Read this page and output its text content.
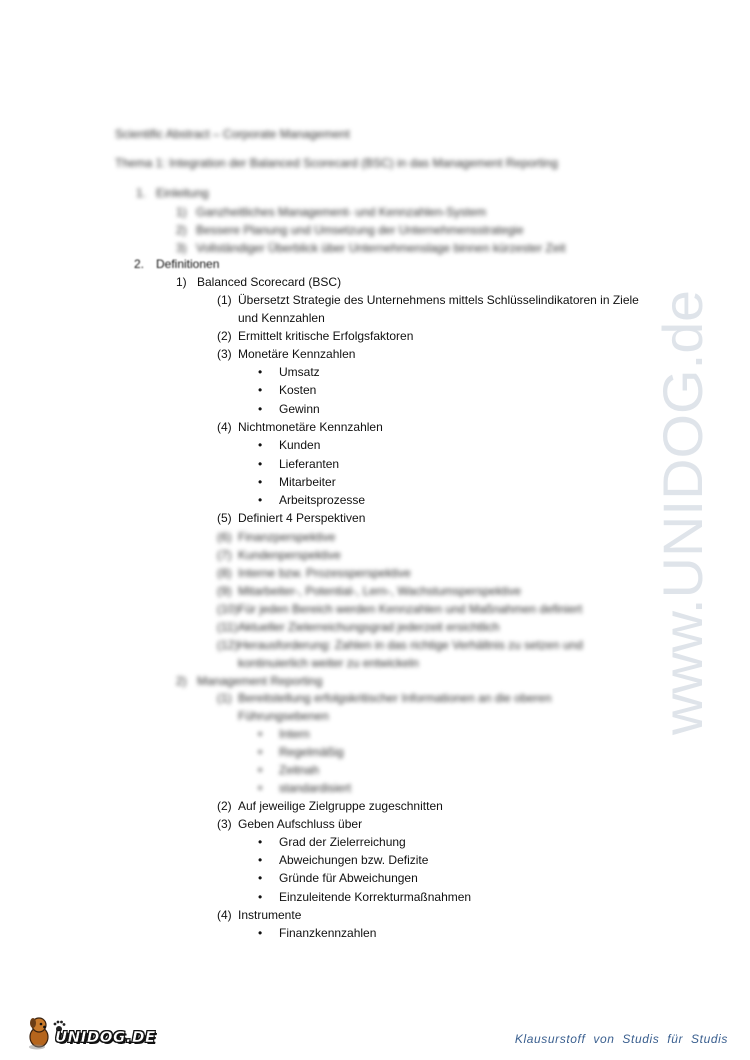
Scientific Abstract – Corporate Management
Thema 1: Integration der Balanced Scorecard (BSC) in das Management Reporting
1. Einleitung
1) Ganzheitliches Management- und Kennzahlen-System
2) Bessere Planung und Umsetzung der Unternehmensstrategie
3) Vollständiger Überblick über Unternehmenslage binnen kürzester Zeit
2. Definitionen
1) Balanced Scorecard (BSC)
(1) Übersetzt Strategie des Unternehmens mittels Schlüsselindikatoren in Ziele
und Kennzahlen
(2) Ermittelt kritische Erfolgsfaktoren
(3) Monetäre Kennzahlen
• Umsatz
• Kosten
• Gewinn
(4) Nichtmonetäre Kennzahlen
• Kunden
• Lieferanten
• Mitarbeiter
• Arbeitsprozesse
(5) Definiert 4 Perspektiven
(6) Finanzperspektive
(7) Kundenperspektive
(8) Interne bzw. Prozessperspektive
(9) Mitarbeiter-, Potential-, Lern-, Wachstumsperspektive
(10)Für jeden Bereich werden Kennzahlen und Maßnahmen definiert
(11)Aktueller Zielerreichungsgrad jederzeit ersichtlich
(12)Herausforderung: Zahlen in das richtige Verhältnis zu setzen und
kontinuierlich weiter zu entwickeln
2) Management Reporting
(1) Bereitstellung erfolgskritischer Informationen an die oberen
Führungsebenen
• Intern
• Regelmäßig
• Zeitnah
• standardisiert
(2) Auf jeweilige Zielgruppe zugeschnitten
(3) Geben Aufschluss über
• Grad der Zielerreichung
• Abweichungen bzw. Defizite
• Gründe für Abweichungen
• Einzuleitende Korrekturmaßnahmen
(4) Instrumente
• Finanzkennzahlen
www.UNIDOG.de
UNIDOG.DE	Klausurstoff von Studis für Studis
